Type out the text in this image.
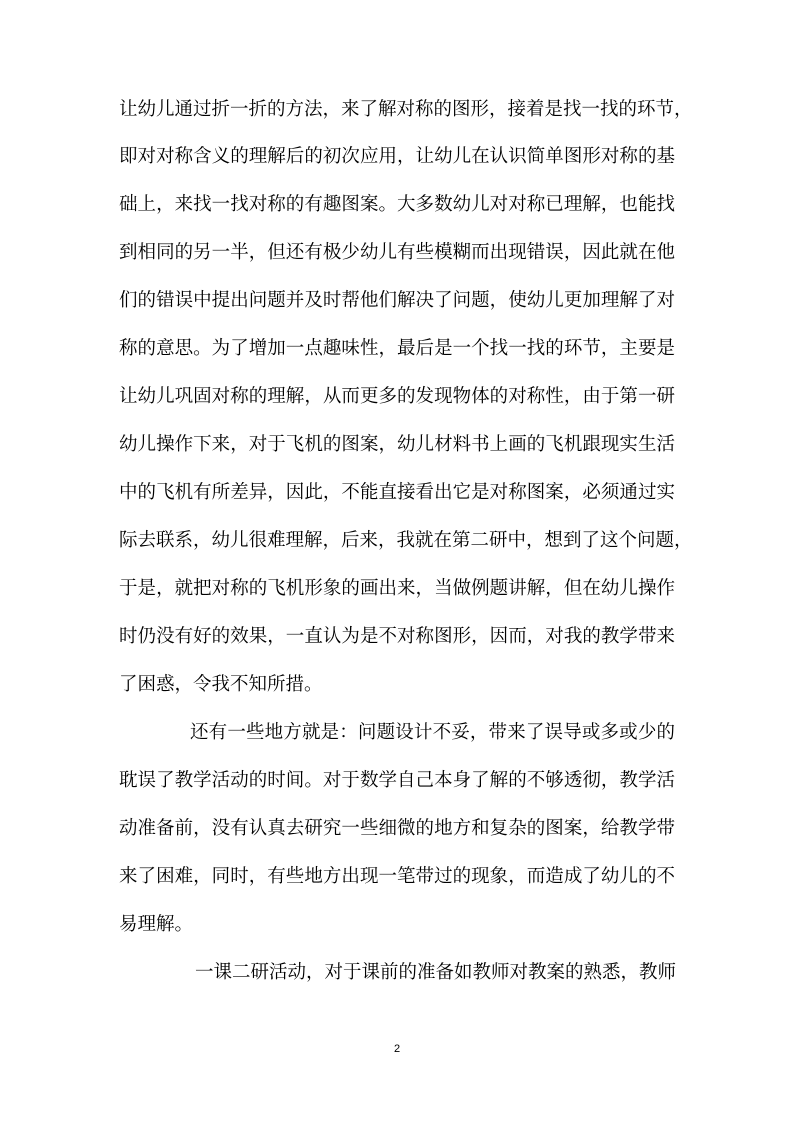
让幼儿通过折一折的方法，来了解对称的图形，接着是找一找的环节，
即对对称含义的理解后的初次应用，让幼儿在认识简单图形对称的基
础上，来找一找对称的有趣图案。大多数幼儿对对称已理解，也能找
到相同的另一半，但还有极少幼儿有些模糊而出现错误，因此就在他
们的错误中提出问题并及时帮他们解决了问题，使幼儿更加理解了对
称的意思。为了增加一点趣味性，最后是一个找一找的环节，主要是
让幼儿巩固对称的理解，从而更多的发现物体的对称性，由于第一研
幼儿操作下来，对于飞机的图案，幼儿材料书上画的飞机跟现实生活
中的飞机有所差异，因此，不能直接看出它是对称图案，必须通过实
际去联系，幼儿很难理解，后来，我就在第二研中，想到了这个问题，
于是，就把对称的飞机形象的画出来，当做例题讲解，但在幼儿操作
时仍没有好的效果，一直认为是不对称图形，因而，对我的教学带来
了困惑，令我不知所措。
还有一些地方就是：问题设计不妥，带来了误导或多或少的
耽误了教学活动的时间。对于数学自己本身了解的不够透彻，教学活
动准备前，没有认真去研究一些细微的地方和复杂的图案，给教学带
来了困难，同时，有些地方出现一笔带过的现象，而造成了幼儿的不
易理解。
一课二研活动，对于课前的准备如教师对教案的熟悉，教师
2
